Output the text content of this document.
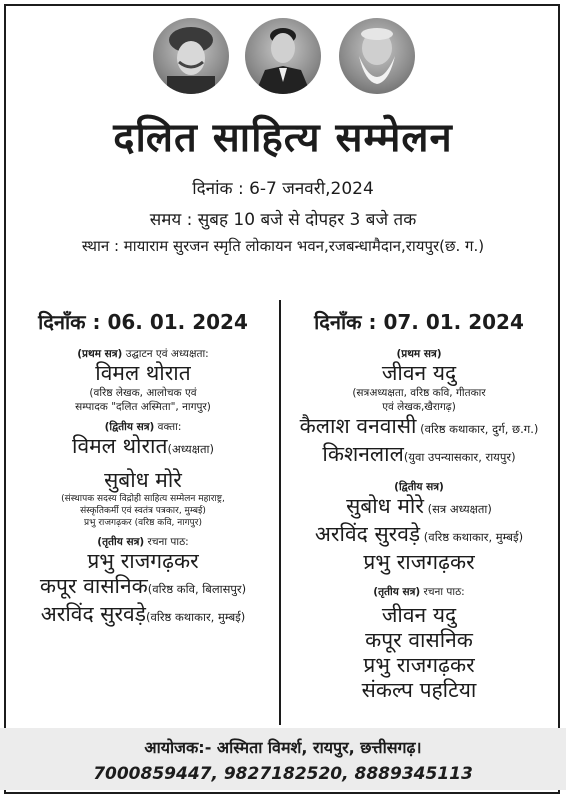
दलित साहित्य सम्मेलन
दिनांक : 6-7 जनवरी,2024
समय : सुबह 10 बजे से दोपहर 3 बजे तक
स्थान : मायाराम सुरजन स्मृति लोकायन भवन,रजबन्धामैदान,रायपुर(छ. ग.)
दिनाँक : 06. 01. 2024
(प्रथम सत्र) उद्घाटन एवं अध्यक्षता:
विमल थोरात
(वरिष्ठ लेखक, आलोचक एवं
सम्पादक "दलित अस्मिता", नागपुर)
(द्वितीय सत्र) वक्ता:
विमल थोरात(अध्यक्षता)
सुबोध मोरे
(संस्थापक सदस्य विद्रोही साहित्य सम्मेलन महाराष्ट्र,
संस्कृतिकर्मी एवं स्वतंत्र पत्रकार, मुम्बई)
प्रभु राजगढ़कर (वरिष्ठ कवि, नागपुर)
(तृतीय सत्र) रचना पाठ:
प्रभु राजगढ़कर
कपूर वासनिक(वरिष्ठ कवि, बिलासपुर)
अरविंद सुरवड़े(वरिष्ठ कथाकार, मुम्बई)
दिनाँक : 07. 01. 2024
(प्रथम सत्र)
जीवन यदु
(सत्रअध्यक्षता, वरिष्ठ कवि, गीतकार
एवं लेखक,खैरागढ़)
कैलाश वनवासी (वरिष्ठ कथाकार, दुर्ग, छ.ग.)
किशनलाल(युवा उपन्यासकार, रायपुर)
(द्वितीय सत्र)
सुबोध मोरे (सत्र अध्यक्षता)
अरविंद सुरवड़े (वरिष्ठ कथाकार, मुम्बई)
प्रभु राजगढ़कर
(तृतीय सत्र) रचना पाठ:
जीवन यदु
कपूर वासनिक
प्रभु राजगढ़कर
संकल्प पहटिया
आयोजक:- अस्मिता विमर्श, रायपुर, छत्तीसगढ़।
7000859447, 9827182520, 8889345113
